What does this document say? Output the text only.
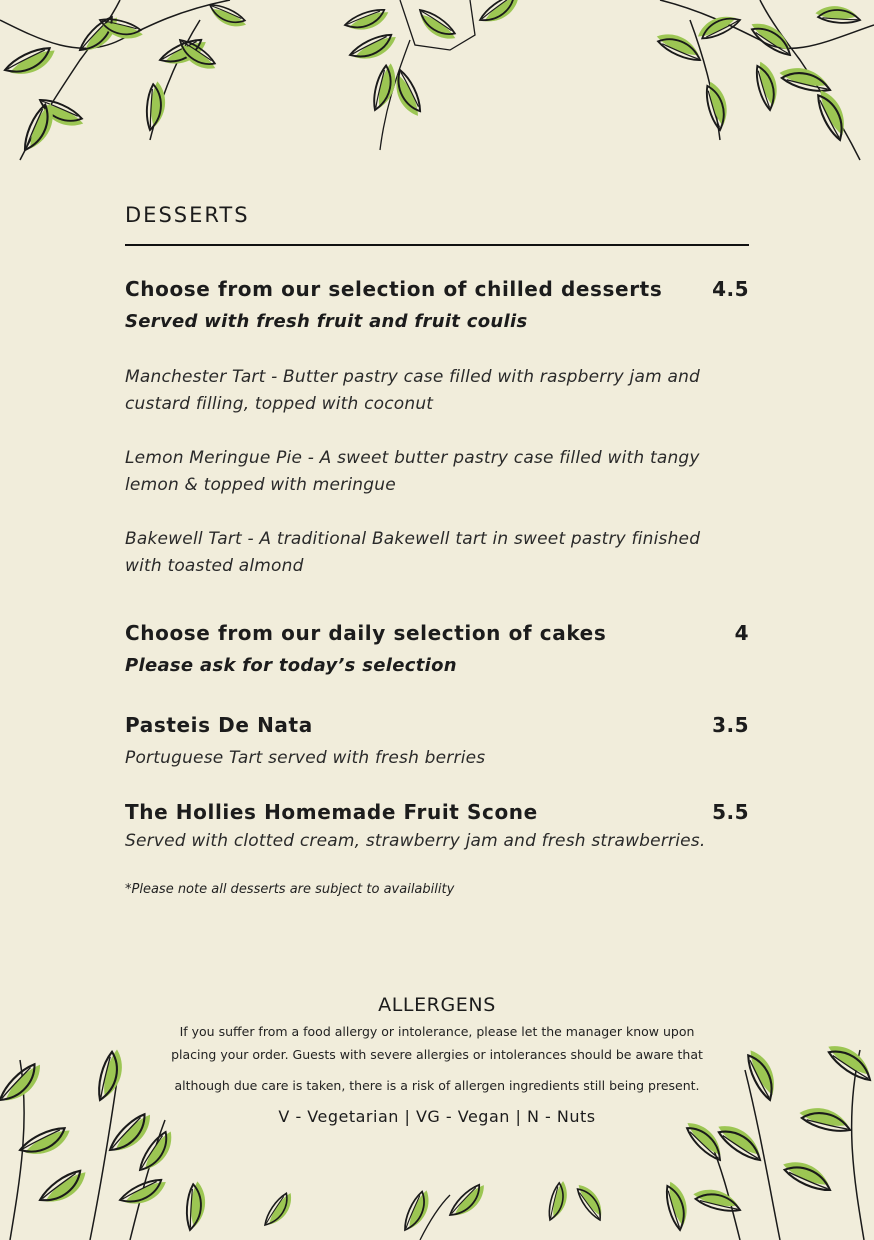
DESSERTS
Choose from our selection of chilled desserts 4.5
Served with fresh fruit and fruit coulis
Manchester Tart - Butter pastry case filled with raspberry jam and custard filling, topped with coconut
Lemon Meringue Pie - A sweet butter pastry case filled with tangy lemon & topped with meringue
Bakewell Tart - A traditional Bakewell tart in sweet pastry finished with toasted almond
Choose from our daily selection of cakes	4
Please ask for today’s selection
Pasteis De Nata	3.5
Portuguese Tart served with fresh berries
The Hollies Homemade Fruit Scone	5.5
Served with clotted cream, strawberry jam and fresh strawberries.
*Please note all desserts are subject to availability
ALLERGENS
If you suffer from a food allergy or intolerance, please let the manager know upon
placing your order. Guests with severe allergies or intolerances should be aware that
although due care is taken, there is a risk of allergen ingredients still being present.
V - Vegetarian | VG - Vegan | N - Nuts
